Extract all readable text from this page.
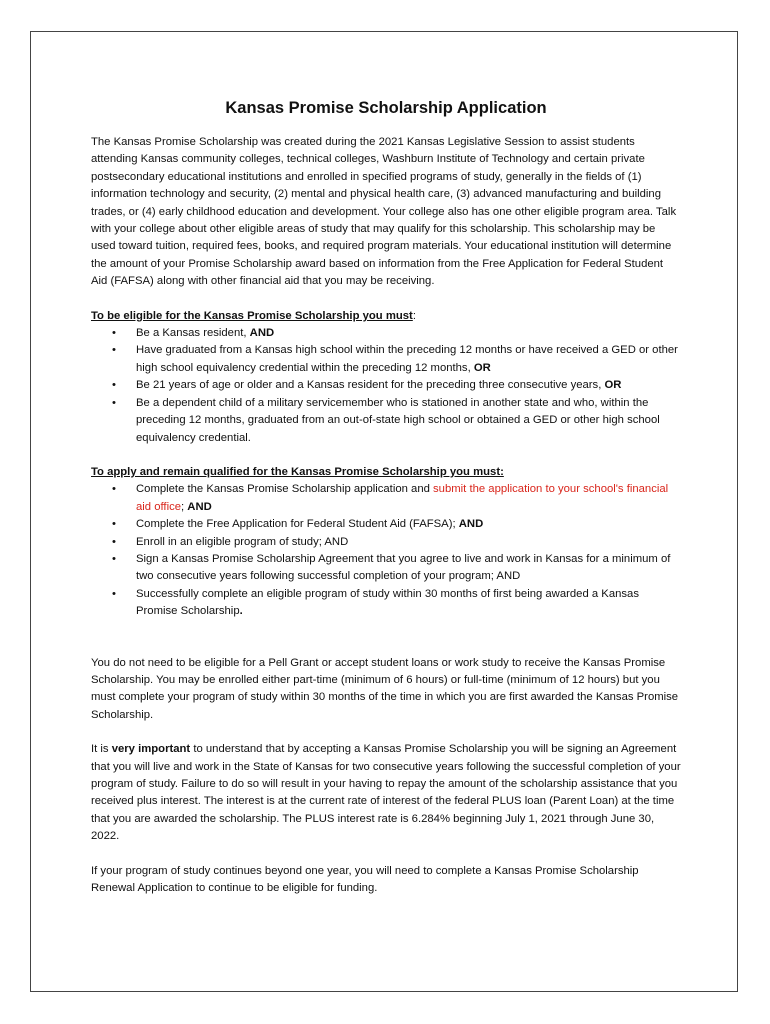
Kansas Promise Scholarship Application

The Kansas Promise Scholarship was created during the 2021 Kansas Legislative Session to assist students attending Kansas community colleges, technical colleges, Washburn Institute of Technology and certain private postsecondary educational institutions and enrolled in specified programs of study, generally in the fields of (1) information technology and security, (2) mental and physical health care, (3) advanced manufacturing and building trades, or (4) early childhood education and development. Your college also has one other eligible program area. Talk with your college about other eligible areas of study that may qualify for this scholarship. This scholarship may be used toward tuition, required fees, books, and required program materials. Your educational institution will determine the amount of your Promise Scholarship award based on information from the Free Application for Federal Student Aid (FAFSA) along with other financial aid that you may be receiving.

To be eligible for the Kansas Promise Scholarship you must:

• Be a Kansas resident, AND
• Have graduated from a Kansas high school within the preceding 12 months or have received a GED or other high school equivalency credential within the preceding 12 months, OR
• Be 21 years of age or older and a Kansas resident for the preceding three consecutive years, OR
• Be a dependent child of a military servicemember who is stationed in another state and who, within the preceding 12 months, graduated from an out-of-state high school or obtained a GED or other high school equivalency credential.

To apply and remain qualified for the Kansas Promise Scholarship you must:

• Complete the Kansas Promise Scholarship application and submit the application to your school's financial aid office; AND
• Complete the Free Application for Federal Student Aid (FAFSA); AND
• Enroll in an eligible program of study; AND
• Sign a Kansas Promise Scholarship Agreement that you agree to live and work in Kansas for a minimum of two consecutive years following successful completion of your program; AND
• Successfully complete an eligible program of study within 30 months of first being awarded a Kansas Promise Scholarship.

You do not need to be eligible for a Pell Grant or accept student loans or work study to receive the Kansas Promise Scholarship. You may be enrolled either part-time (minimum of 6 hours) or full-time (minimum of 12 hours) but you must complete your program of study within 30 months of the time in which you are first awarded the Kansas Promise Scholarship.

It is very important to understand that by accepting a Kansas Promise Scholarship you will be signing an Agreement that you will live and work in the State of Kansas for two consecutive years following the successful completion of your program of study. Failure to do so will result in your having to repay the amount of the scholarship assistance that you received plus interest. The interest is at the current rate of interest of the federal PLUS loan (Parent Loan) at the time that you are awarded the scholarship. The PLUS interest rate is 6.284% beginning July 1, 2021 through June 30, 2022.

If your program of study continues beyond one year, you will need to complete a Kansas Promise Scholarship Renewal Application to continue to be eligible for funding.
